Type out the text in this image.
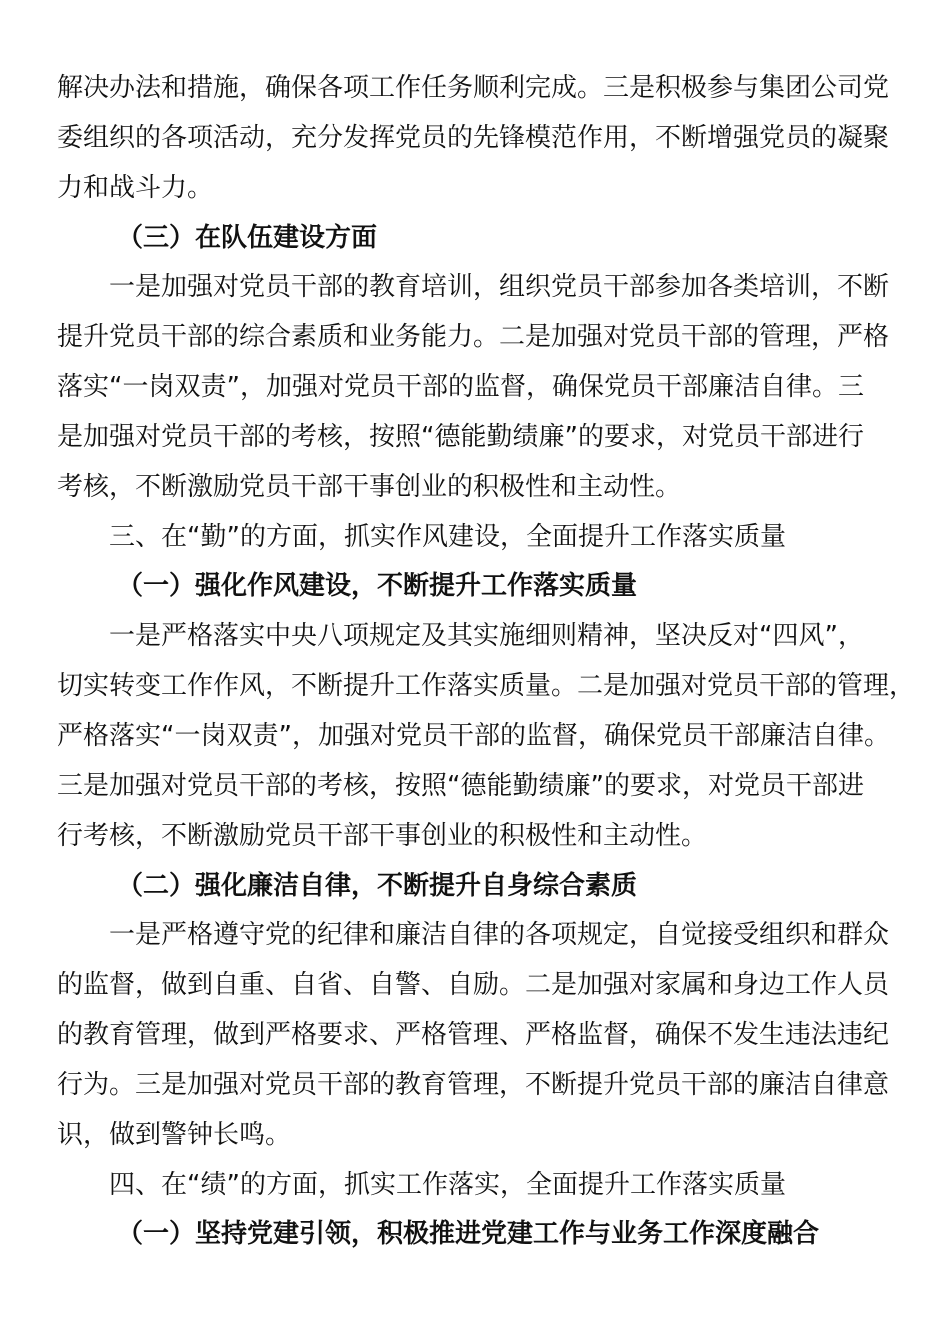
解决办法和措施，确保各项工作任务顺利完成。三是积极参与集团公司党
委组织的各项活动，充分发挥党员的先锋模范作用，不断增强党员的凝聚
力和战斗力。
（三）在队伍建设方面
一是加强对党员干部的教育培训，组织党员干部参加各类培训，不断
提升党员干部的综合素质和业务能力。二是加强对党员干部的管理，严格
落实“一岗双责”，加强对党员干部的监督，确保党员干部廉洁自律。三
是加强对党员干部的考核，按照“德能勤绩廉”的要求，对党员干部进行
考核，不断激励党员干部干事创业的积极性和主动性。
三、在“勤”的方面，抓实作风建设，全面提升工作落实质量
（一）强化作风建设，不断提升工作落实质量
一是严格落实中央八项规定及其实施细则精神，坚决反对“四风”，
切实转变工作作风，不断提升工作落实质量。二是加强对党员干部的管理，
严格落实“一岗双责”，加强对党员干部的监督，确保党员干部廉洁自律。
三是加强对党员干部的考核，按照“德能勤绩廉”的要求，对党员干部进
行考核，不断激励党员干部干事创业的积极性和主动性。
（二）强化廉洁自律，不断提升自身综合素质
一是严格遵守党的纪律和廉洁自律的各项规定，自觉接受组织和群众
的监督，做到自重、自省、自警、自励。二是加强对家属和身边工作人员
的教育管理，做到严格要求、严格管理、严格监督，确保不发生违法违纪
行为。三是加强对党员干部的教育管理，不断提升党员干部的廉洁自律意
识，做到警钟长鸣。
四、在“绩”的方面，抓实工作落实，全面提升工作落实质量
（一）坚持党建引领，积极推进党建工作与业务工作深度融合
